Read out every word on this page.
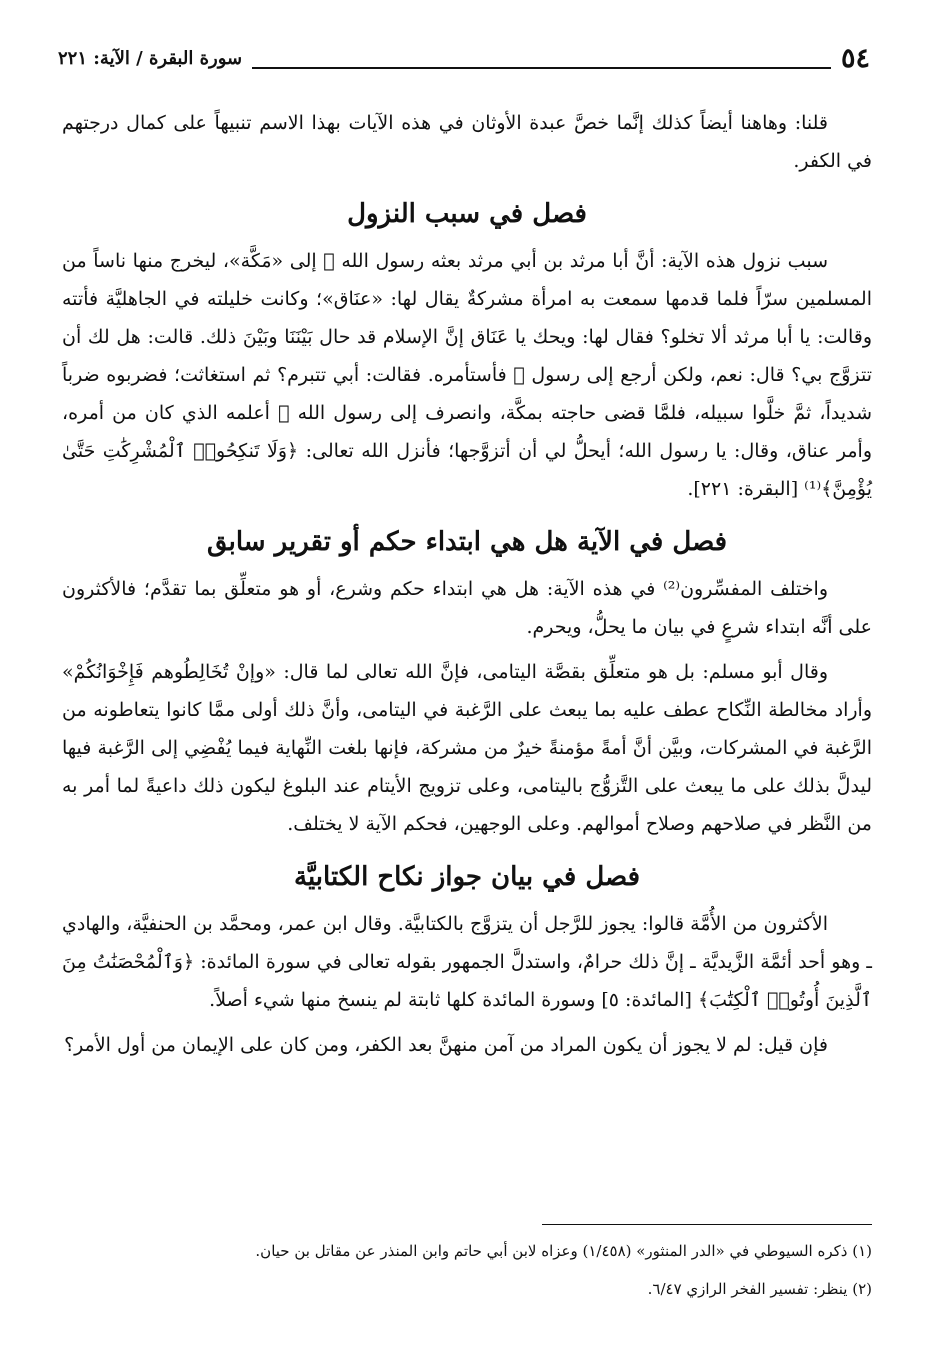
٥٤
سورة البقرة / الآية: ٢٢١

قلنا: وهاهنا أيضاً كذلك إنَّما خصَّ عبدة الأوثان في هذه الآيات بهذا الاسم تنبيهاً على كمال درجتهم في الكفر.

فصل في سبب النزول

سبب نزول هذه الآية: أنَّ أبا مرثد بن أبي مرثد بعثه رسول الله ﷺ إلى «مَكَّة»، ليخرج منها ناساً من المسلمين سرّاً فلما قدمها سمعت به امرأة مشركةٌ يقال لها: «عنَاق»؛ وكانت خليلته في الجاهليَّة فأتته وقالت: يا أبا مرثد ألا تخلو؟ فقال لها: ويحك يا عَنَاق إنَّ الإسلام قد حال بَيْنَنَا وبَيْنَ ذلك. قالت: هل لك أن تتزوَّج بي؟ قال: نعم، ولكن أرجع إلى رسول ﷺ فأستأمره. فقالت: أبي تتبرم؟ ثم استغاثت؛ فضربوه ضرباً شديداً، ثمَّ خلَّوا سبيله، فلمَّا قضى حاجته بمكَّة، وانصرف إلى رسول الله ﷺ أعلمه الذي كان من أمره، وأمر عناق، وقال: يا رسول الله؛ أيحلُّ لي أن أتزوَّجها؛ فأنزل الله تعالى: ﴿وَلَا تَنكِحُوا۟ ٱلْمُشْرِكَٰتِ حَتَّىٰ يُؤْمِنَّ﴾⁽¹⁾ [البقرة: ٢٢١].

فصل في الآية هل هي ابتداء حكم أو تقرير سابق

واختلف المفسِّرون⁽²⁾ في هذه الآية: هل هي ابتداء حكم وشرع، أو هو متعلِّق بما تقدَّم؛ فالأكثرون على أنَّه ابتداء شرعٍ في بيان ما يحلُّ، ويحرم.

وقال أبو مسلم: بل هو متعلِّق بقصَّة اليتامى، فإنَّ الله تعالى لما قال: «وإنْ تُخَالِطُوهم فَإِخْوَانُكُمْ» وأراد مخالطة النِّكاح عطف عليه بما يبعث على الرَّغبة في اليتامى، وأنَّ ذلك أولى ممَّا كانوا يتعاطونه من الرَّغبة في المشركات، وبيَّن أنَّ أمةً مؤمنةً خيرٌ من مشركة، فإنها بلغت النِّهاية فيما يُفْضِي إلى الرَّغبة فيها ليدلَّ بذلك على ما يبعث على التَّزوُّج باليتامى، وعلى تزويج الأيتام عند البلوغ ليكون ذلك داعيةً لما أمر به من النَّظر في صلاحهم وصلاح أموالهم. وعلى الوجهين، فحكم الآية لا يختلف.

فصل في بيان جواز نكاح الكتابيَّة

الأكثرون من الأُمَّة قالوا: يجوز للرَّجل أن يتزوَّج بالكتابيَّة. وقال ابن عمر، ومحمَّد بن الحنفيَّة، والهادي ـ وهو أحد أئمَّة الزَّيديَّة ـ إنَّ ذلك حرامٌ، واستدلَّ الجمهور بقوله تعالى في سورة المائدة: ﴿وَٱلْمُحْصَنَٰتُ مِنَ ٱلَّذِينَ أُوتُوا۟ ٱلْكِتَٰبَ﴾ [المائدة: ٥] وسورة المائدة كلها ثابتة لم ينسخ منها شيء أصلاً.

فإن قيل: لم لا يجوز أن يكون المراد من آمن منهنَّ بعد الكفر، ومن كان على الإيمان من أول الأمر؟

(١) ذكره السيوطي في «الدر المنثور» (١/٤٥٨) وعزاه لابن أبي حاتم وابن المنذر عن مقاتل بن حيان.

(٢) ينظر: تفسير الفخر الرازي ٦/٤٧.
